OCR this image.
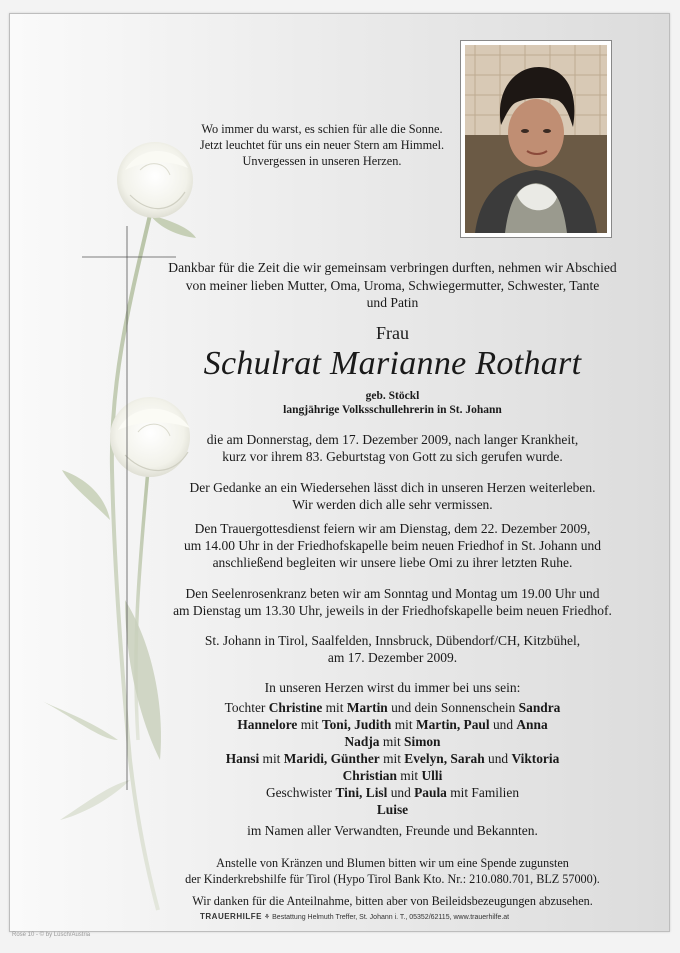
Wo immer du warst, es schien für alle die Sonne.
Jetzt leuchtet für uns ein neuer Stern am Himmel.
Unvergessen in unseren Herzen.
Dankbar für die Zeit die wir gemeinsam verbringen durften, nehmen wir Abschied
von meiner lieben Mutter, Oma, Uroma, Schwiegermutter, Schwester, Tante
und Patin
Frau
Schulrat Marianne Rothart
geb. Stöckl
langjährige Volksschullehrerin in St. Johann
die am Donnerstag, dem 17. Dezember 2009, nach langer Krankheit,
kurz vor ihrem 83. Geburtstag von Gott zu sich gerufen wurde.
Der Gedanke an ein Wiedersehen lässt dich in unseren Herzen weiterleben.
Wir werden dich alle sehr vermissen.
Den Trauergottesdienst feiern wir am Dienstag, dem 22. Dezember 2009,
um 14.00 Uhr in der Friedhofskapelle beim neuen Friedhof in St. Johann und
anschließend begleiten wir unsere liebe Omi zu ihrer letzten Ruhe.
Den Seelenrosenkranz beten wir am Sonntag und Montag um 19.00 Uhr und
am Dienstag um 13.30 Uhr, jeweils in der Friedhofskapelle beim neuen Friedhof.
St. Johann in Tirol, Saalfelden, Innsbruck, Dübendorf/CH, Kitzbühel,
am 17. Dezember 2009.
In unseren Herzen wirst du immer bei uns sein:
Tochter Christine mit Martin und dein Sonnenschein Sandra
Hannelore mit Toni, Judith mit Martin, Paul und Anna
Nadja mit Simon
Hansi mit Maridi, Günther mit Evelyn, Sarah und Viktoria
Christian mit Ulli
Geschwister Tini, Lisl und Paula mit Familien
Luise
im Namen aller Verwandten, Freunde und Bekannten.
Anstelle von Kränzen und Blumen bitten wir um eine Spende zugunsten
der Kinderkrebshilfe für Tirol (Hypo Tirol Bank Kto. Nr.: 210.080.701, BLZ 57000).
Wir danken für die Anteilnahme, bitten aber von Beileidsbezeugungen abzusehen.
TRAUERHILFE ⚘ Bestattung Helmuth Treffer, St. Johann i. T., 05352/62115, www.trauerhilfe.at
Rose 10 - © by Lüsch/Austria
